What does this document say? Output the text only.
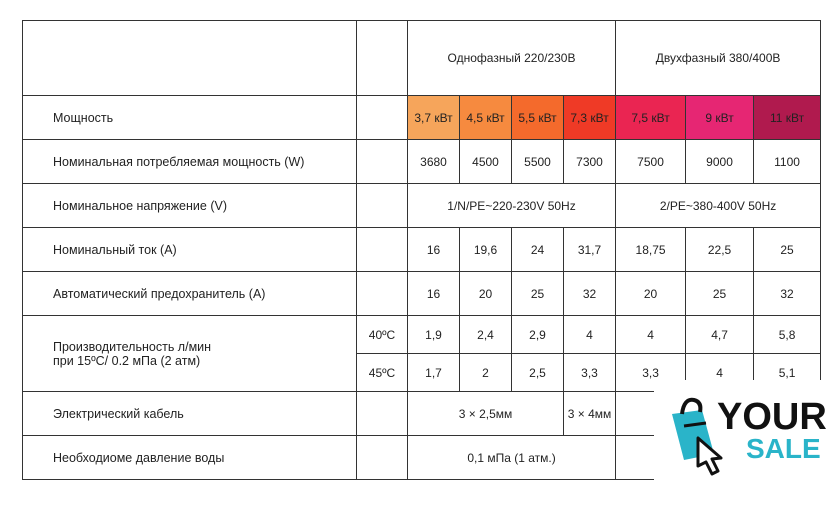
		Однофазный 220/230В				Двухфазный 380/400В		
Мощность		3,7 кВт	4,5 кВт	5,5 кВт	7,3 кВт	7,5 кВт	9 кВт	11 кВт
Номинальная потребляемая мощность (W)		3680	4500	5500	7300	7500	9000	1100
Номинальное напряжение (V)		1/N/PE~220-230V 50Hz				2/PE~380-400V 50Hz		
Номинальный ток (А)		16	19,6	24	31,7	18,75	22,5	25
Автоматический предохранитель (А)		16	20	25	32	20	25	32

Производительность л/мин
при 15ºС/ 0.2 мПа (2 атм)	40ºС	1,9	2,4	2,9	4	4	4,7	5,8
	45ºС	1,7	2	2,5	3,3	3,3	4	5,1
Электрический кабель		3 × 2,5мм			3 × 4мм			
Необходиоме давление воды		0,1 мПа (1 атм.)						
YOUR
SALE
